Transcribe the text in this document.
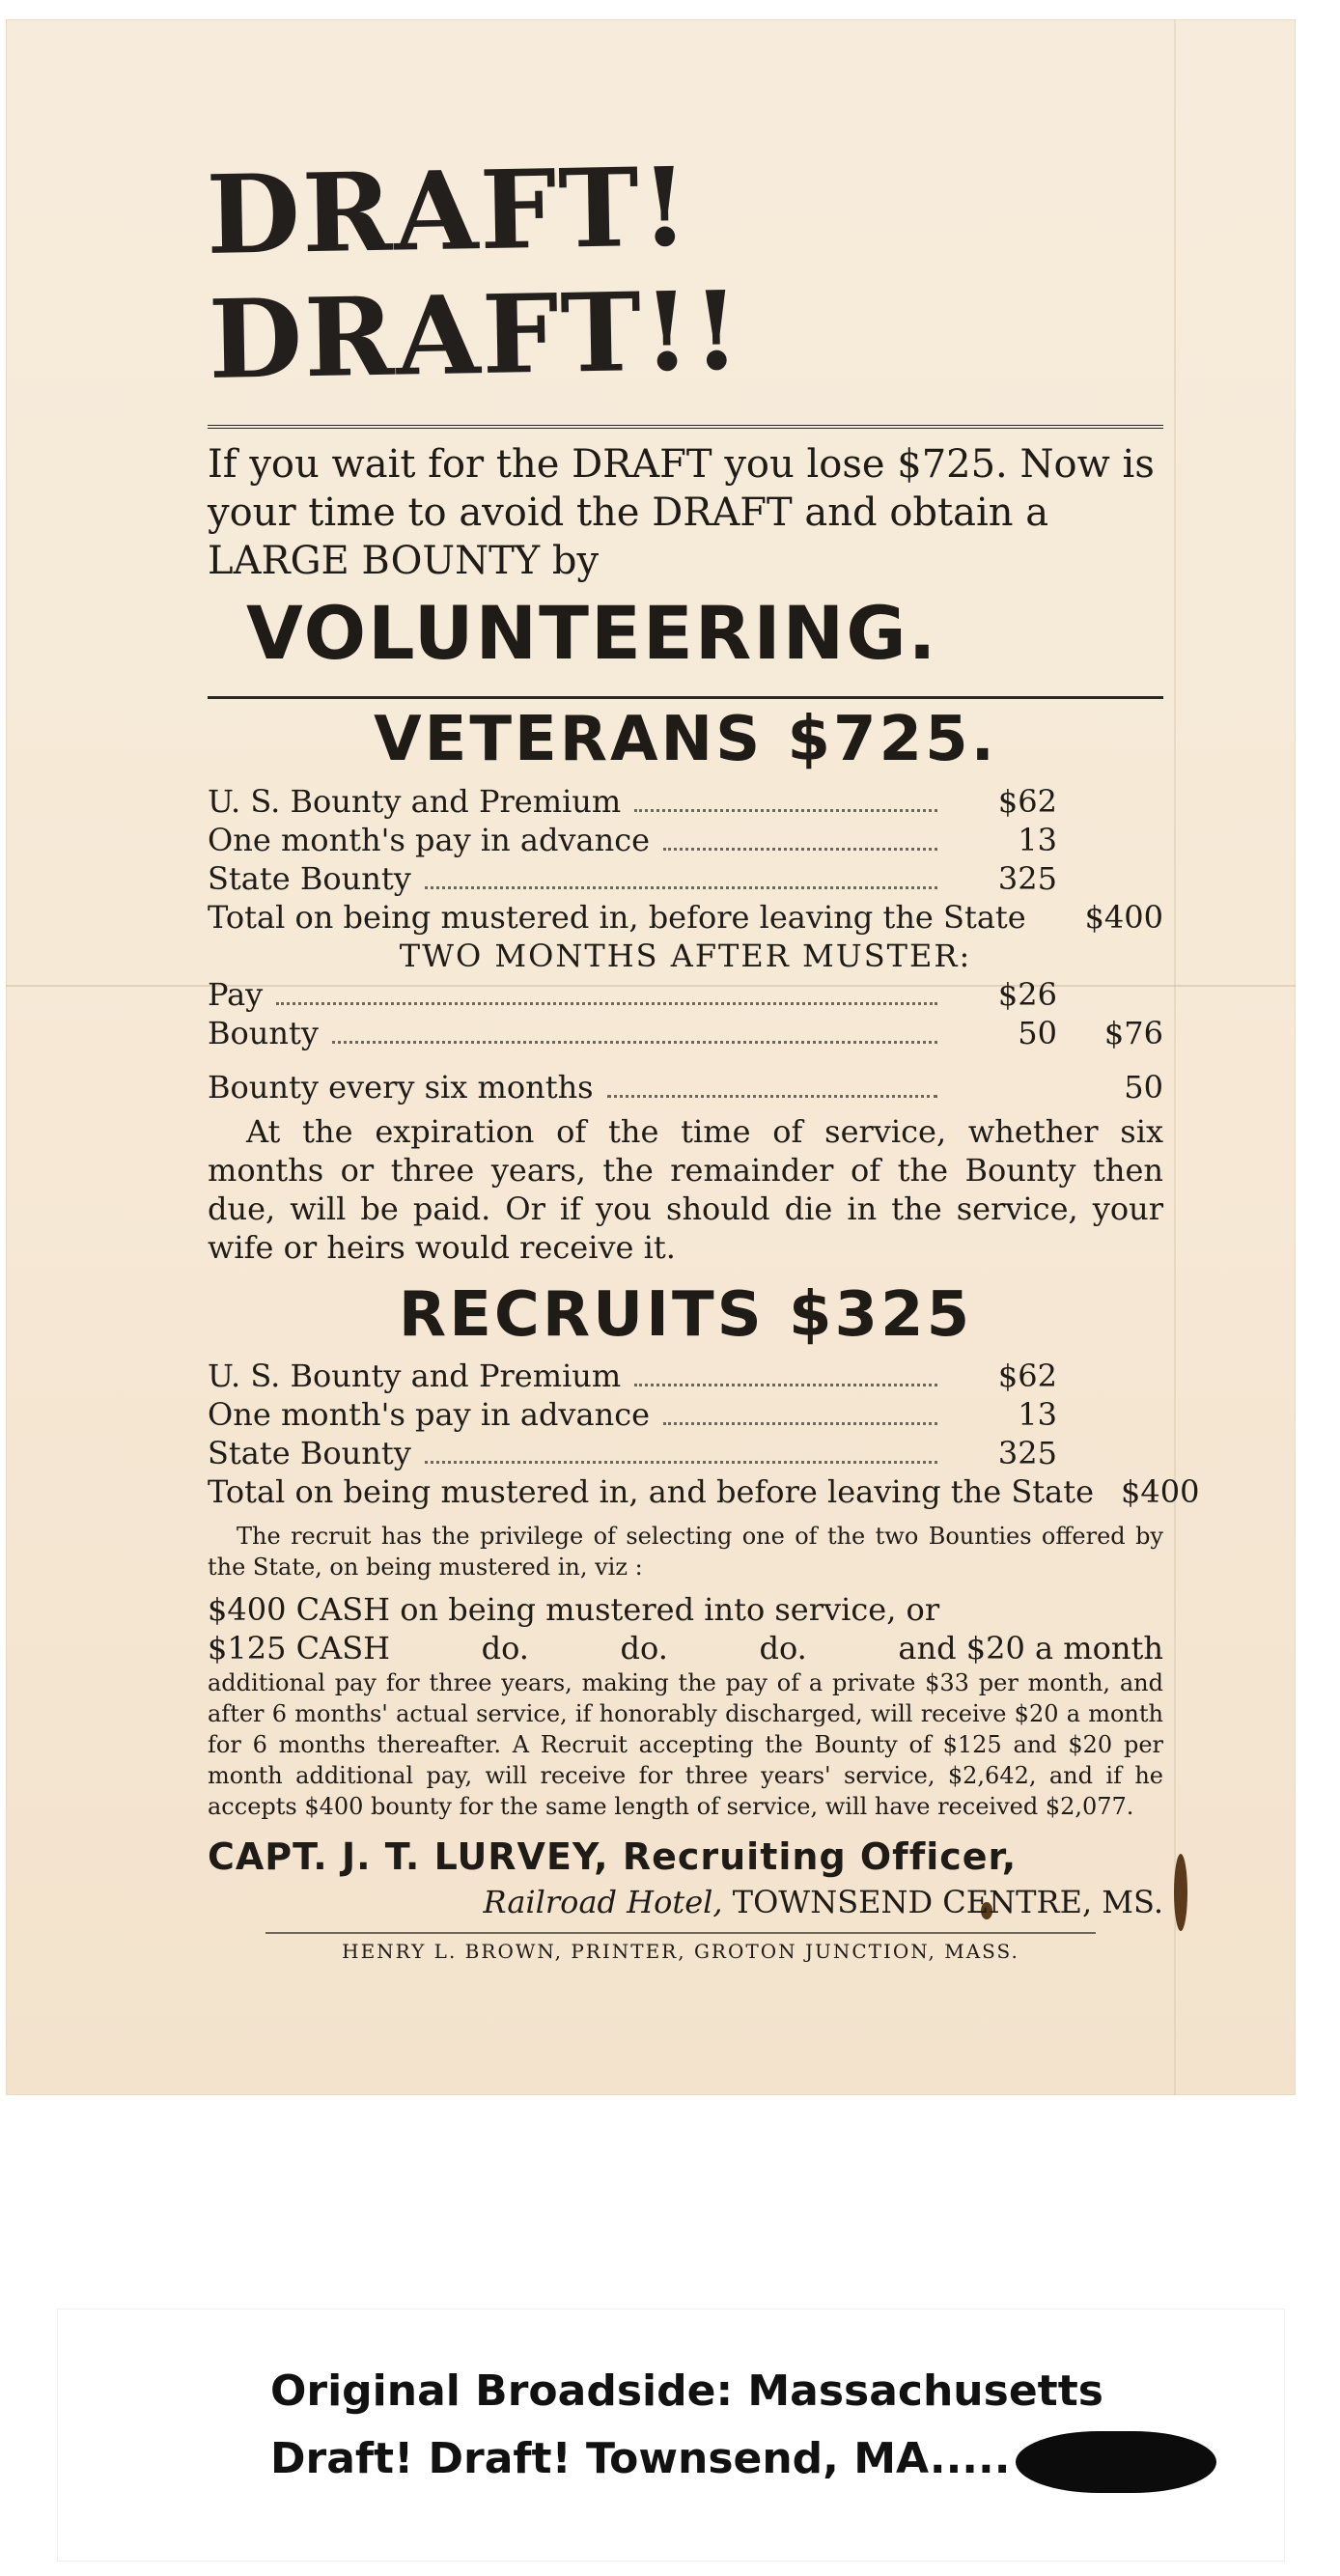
DRAFT! DRAFT!!
If you wait for the DRAFT you lose $725. Now is your time to avoid the DRAFT and obtain a LARGE BOUNTY by
VOLUNTEERING.
VETERANS $725.
U. S. Bounty and Premium	$62
One month's pay in advance	13
State Bounty	325
Total on being mustered in, before leaving the State	$400
TWO MONTHS AFTER MUSTER:
Pay	$26
Bounty	50	$76
Bounty every six months	50
At the expiration of the time of service, whether six months or three years, the remainder of the Bounty then due, will be paid. Or if you should die in the service, your wife or heirs would receive it.
RECRUITS $325
U. S. Bounty and Premium	$62
One month's pay in advance	13
State Bounty	325
Total on being mustered in, and before leaving the State $400
The recruit has the privilege of selecting one of the two Bounties offered by the State, on being mustered in, viz :
$400 CASH on being mustered into service, or
$125 CASH	do.	do.	do.	and $20 a month
additional pay for three years, making the pay of a private $33 per month, and after 6 months' actual service, if honorably discharged, will receive $20 a month for 6 months thereafter. A Recruit accepting the Bounty of $125 and $20 per month additional pay, will receive for three years' service, $2,642, and if he accepts $400 bounty for the same length of service, will have received $2,077.
CAPT. J. T. LURVEY, Recruiting Officer,
Railroad Hotel, TOWNSEND CENTRE, MS.
HENRY L. BROWN, PRINTER, GROTON JUNCTION, MASS.
Original Broadside: Massachusetts
Draft! Draft! Townsend, MA.....
